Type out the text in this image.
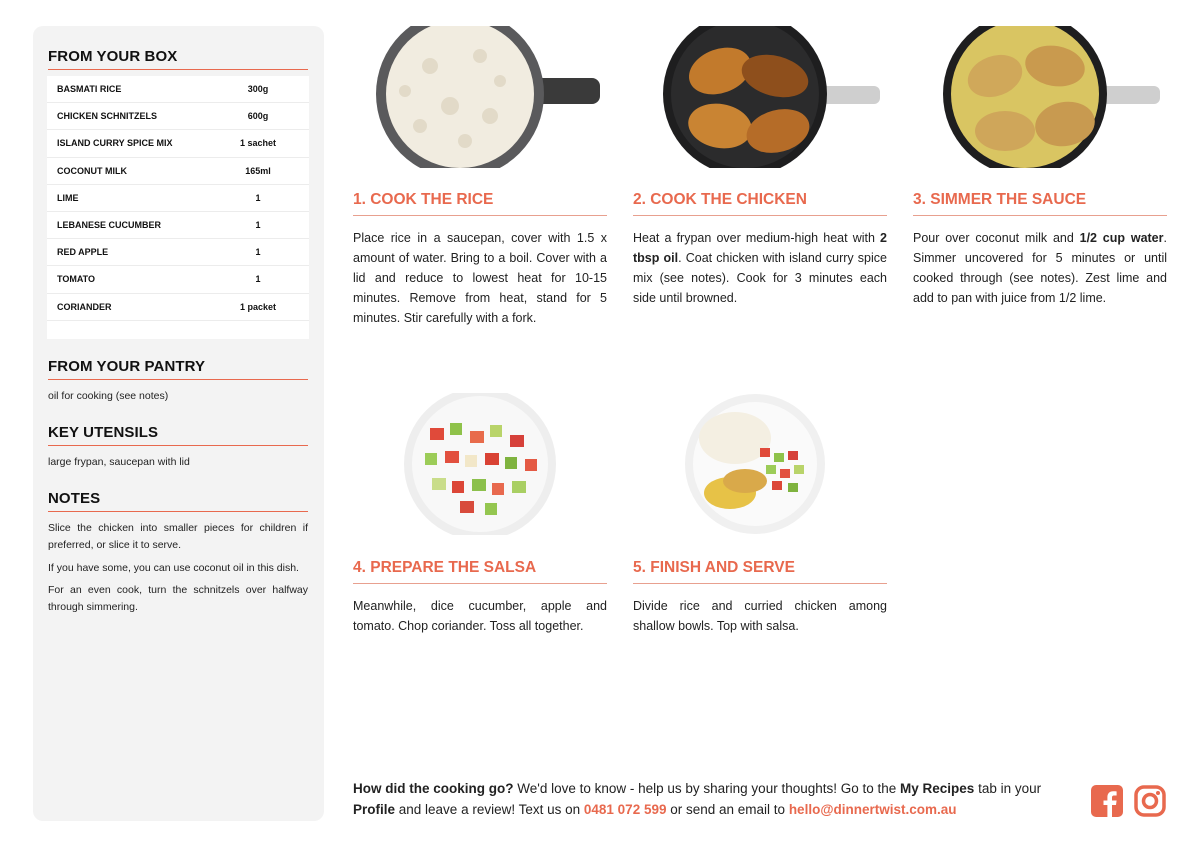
FROM YOUR BOX
BASMATI RICE	300g
CHICKEN SCHNITZELS	600g
ISLAND CURRY SPICE MIX	1 sachet
COCONUT MILK	165ml
LIME	1
LEBANESE CUCUMBER	1
RED APPLE	1
TOMATO	1
CORIANDER	1 packet
FROM YOUR PANTRY
oil for cooking (see notes)
KEY UTENSILS
large frypan, saucepan with lid
NOTES

Slice the chicken into smaller pieces for children if preferred, or slice it to serve.

If you have some, you can use coconut oil in this dish.

For an even cook, turn the schnitzels over halfway through simmering.

1. COOK THE RICE
Place rice in a saucepan, cover with 1.5 x amount of water. Bring to a boil. Cover with a lid and reduce to lowest heat for 10-15 minutes. Remove from heat, stand for 5 minutes. Stir carefully with a fork.
2. COOK THE CHICKEN
Heat a frypan over medium-high heat with 2 tbsp oil. Coat chicken with island curry spice mix (see notes). Cook for 3 minutes each side until browned.
3. SIMMER THE SAUCE
Pour over coconut milk and 1/2 cup water. Simmer uncovered for 5 minutes or until cooked through (see notes). Zest lime and add to pan with juice from 1/2 lime.
4. PREPARE THE SALSA
Meanwhile, dice cucumber, apple and tomato. Chop coriander. Toss all together.
5. FINISH AND SERVE
Divide rice and curried chicken among shallow bowls. Top with salsa.
How did the cooking go? We'd love to know - help us by sharing your thoughts! Go to the My Recipes tab in your Profile and leave a review! Text us on 0481 072 599 or send an email to hello@dinnertwist.com.au
